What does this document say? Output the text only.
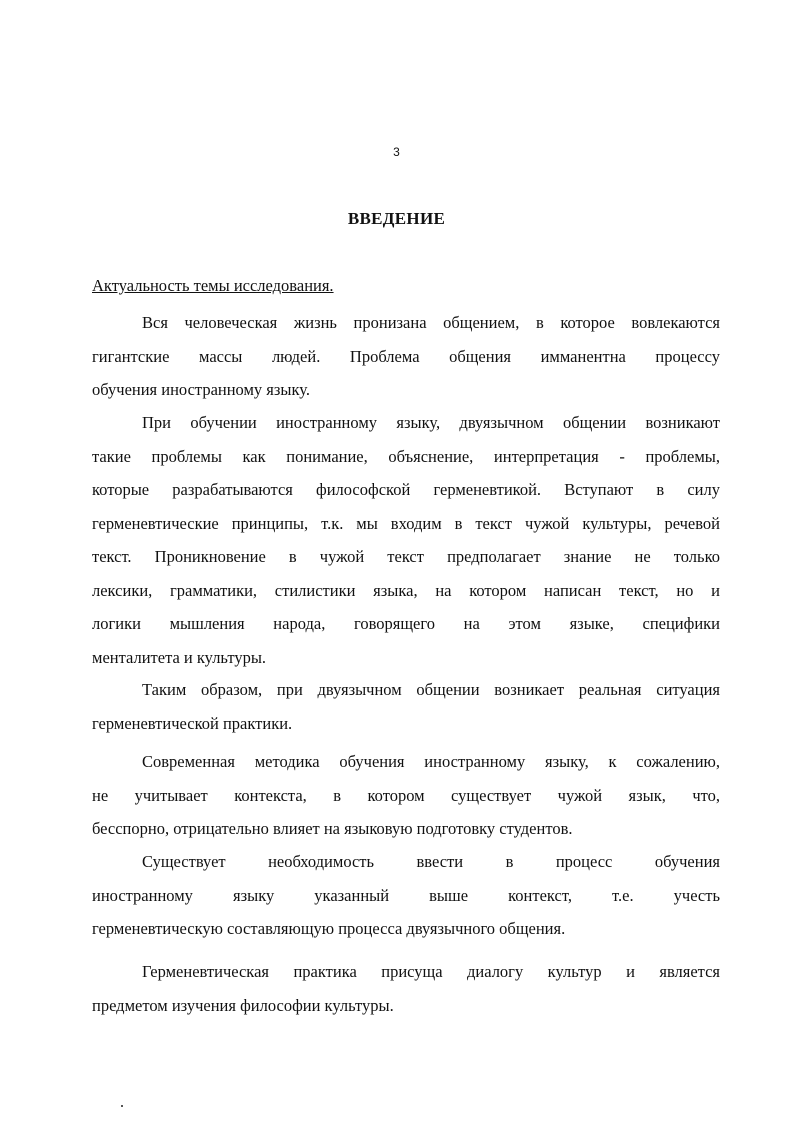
3
ВВЕДЕНИЕ
Актуальность темы исследования.
Вся человеческая жизнь пронизана общением, в которое вовлекаются
гигантские массы людей. Проблема общения имманентна процессу
обучения иностранному языку.
При обучении иностранному языку, двуязычном общении возникают
такие проблемы как понимание, объяснение, интерпретация - проблемы,
которые разрабатываются философской герменевтикой. Вступают в силу
герменевтические принципы, т.к. мы входим в текст чужой культуры, речевой
текст. Проникновение в чужой текст предполагает знание не только
лексики, грамматики, стилистики языка, на котором написан текст, но и
логики мышления народа, говорящего на этом языке, специфики
менталитета и культуры.
Таким образом, при двуязычном общении возникает реальная ситуация
герменевтической практики.
Современная методика обучения иностранному языку, к сожалению,
не учитывает контекста, в котором существует чужой язык, что,
бесспорно, отрицательно влияет на языковую подготовку студентов.
Существует необходимость ввести в процесс обучения
иностранному языку указанный выше контекст, т.е. учесть
герменевтическую составляющую процесса двуязычного общения.
Герменевтическая практика присуща диалогу культур и является
предметом изучения философии культуры.
